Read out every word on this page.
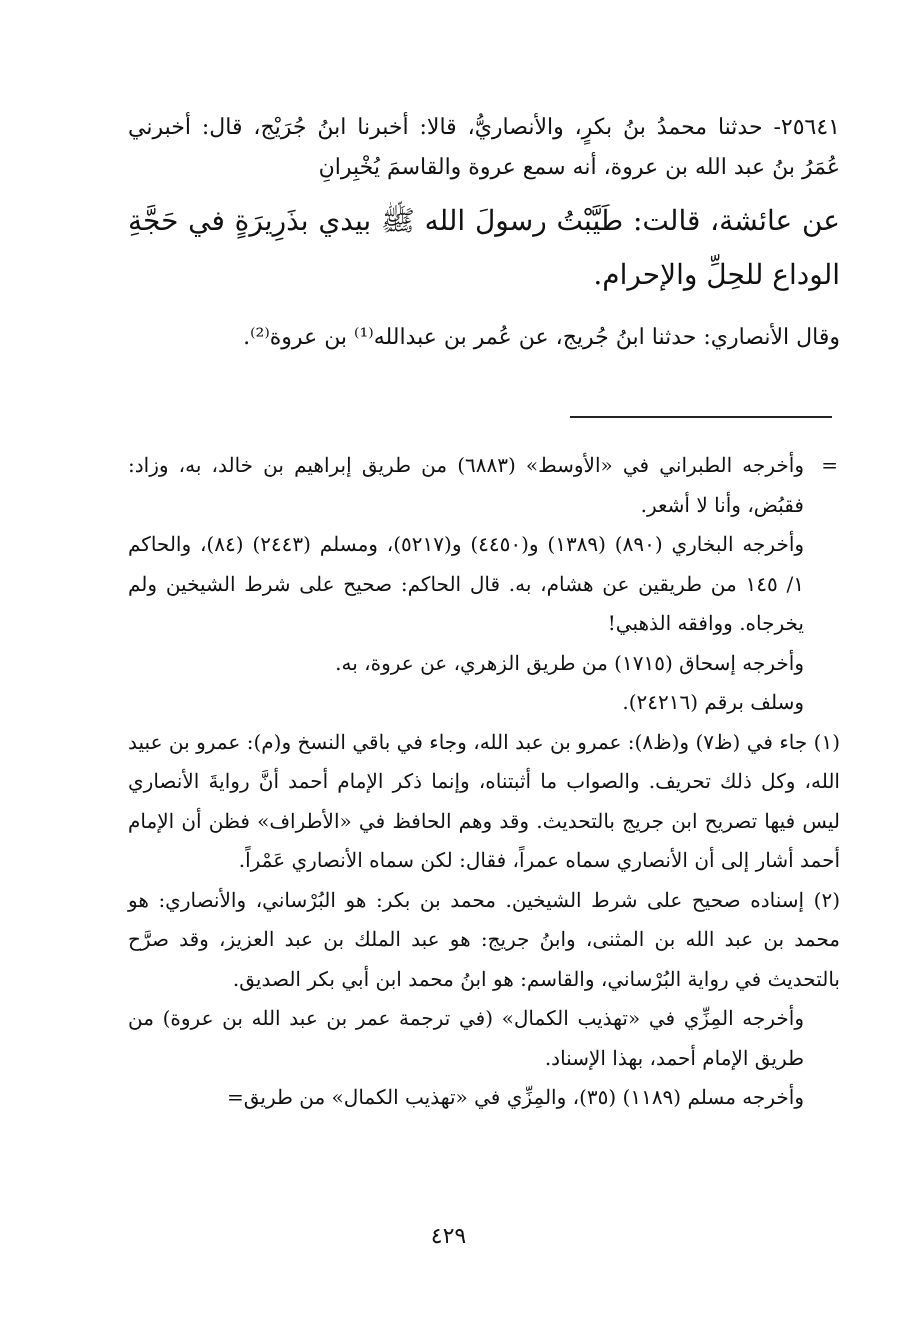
٢٥٦٤١- حدثنا محمدُ بنُ بكرٍ، والأنصاريُّ، قالا: أخبرنا ابنُ جُرَيْج، قال: أخبرني عُمَرُ بنُ عبد الله بن عروة، أنه سمع عروة والقاسمَ يُخْبِرانِ

عن عائشة، قالت: طَيَّبْتُ رسولَ الله ﷺ بيدي بذَرِيرَةٍ في حَجَّةِ الوداع للحِلِّ والإحرام.

وقال الأنصاري: حدثنا ابنُ جُريج، عن عُمر بن عبدالله⁽¹⁾ بن عروة⁽²⁾.

=

وأخرجه الطبراني في «الأوسط» (٦٨٨٣) من طريق إبراهيم بن خالد، به، وزاد: فقبُض، وأنا لا أشعر.

وأخرجه البخاري (٨٩٠) (١٣٨٩) و(٤٤٥٠) و(٥٢١٧)، ومسلم (٢٤٤٣) (٨٤)، والحاكم ١/ ١٤٥ من طريقين عن هشام، به. قال الحاكم: صحيح على شرط الشيخين ولم يخرجاه. ووافقه الذهبي!

وأخرجه إسحاق (١٧١٥) من طريق الزهري، عن عروة، به.

وسلف برقم (٢٤٢١٦).

(١) جاء في (ظ٧) و(ظ٨): عمرو بن عبد الله، وجاء في باقي النسخ و(م): عمرو بن عبيد الله، وكل ذلك تحريف. والصواب ما أثبتناه، وإنما ذكر الإمام أحمد أنَّ روايةَ الأنصاري ليس فيها تصريح ابن جريج بالتحديث. وقد وهم الحافظ في «الأطراف» فظن أن الإمام أحمد أشار إلى أن الأنصاري سماه عمراً، فقال: لكن سماه الأنصاري عَمْراً.

(٢) إسناده صحيح على شرط الشيخين. محمد بن بكر: هو البُرْساني، والأنصاري: هو محمد بن عبد الله بن المثنى، وابنُ جريج: هو عبد الملك بن عبد العزيز، وقد صرَّح بالتحديث في رواية البُرْساني، والقاسم: هو ابنُ محمد ابن أبي بكر الصديق.

وأخرجه المِزِّي في «تهذيب الكمال» (في ترجمة عمر بن عبد الله بن عروة) من طريق الإمام أحمد، بهذا الإسناد.

وأخرجه مسلم (١١٨٩) (٣٥)، والمِزِّي في «تهذيب الكمال» من طريق=

٤٢٩
